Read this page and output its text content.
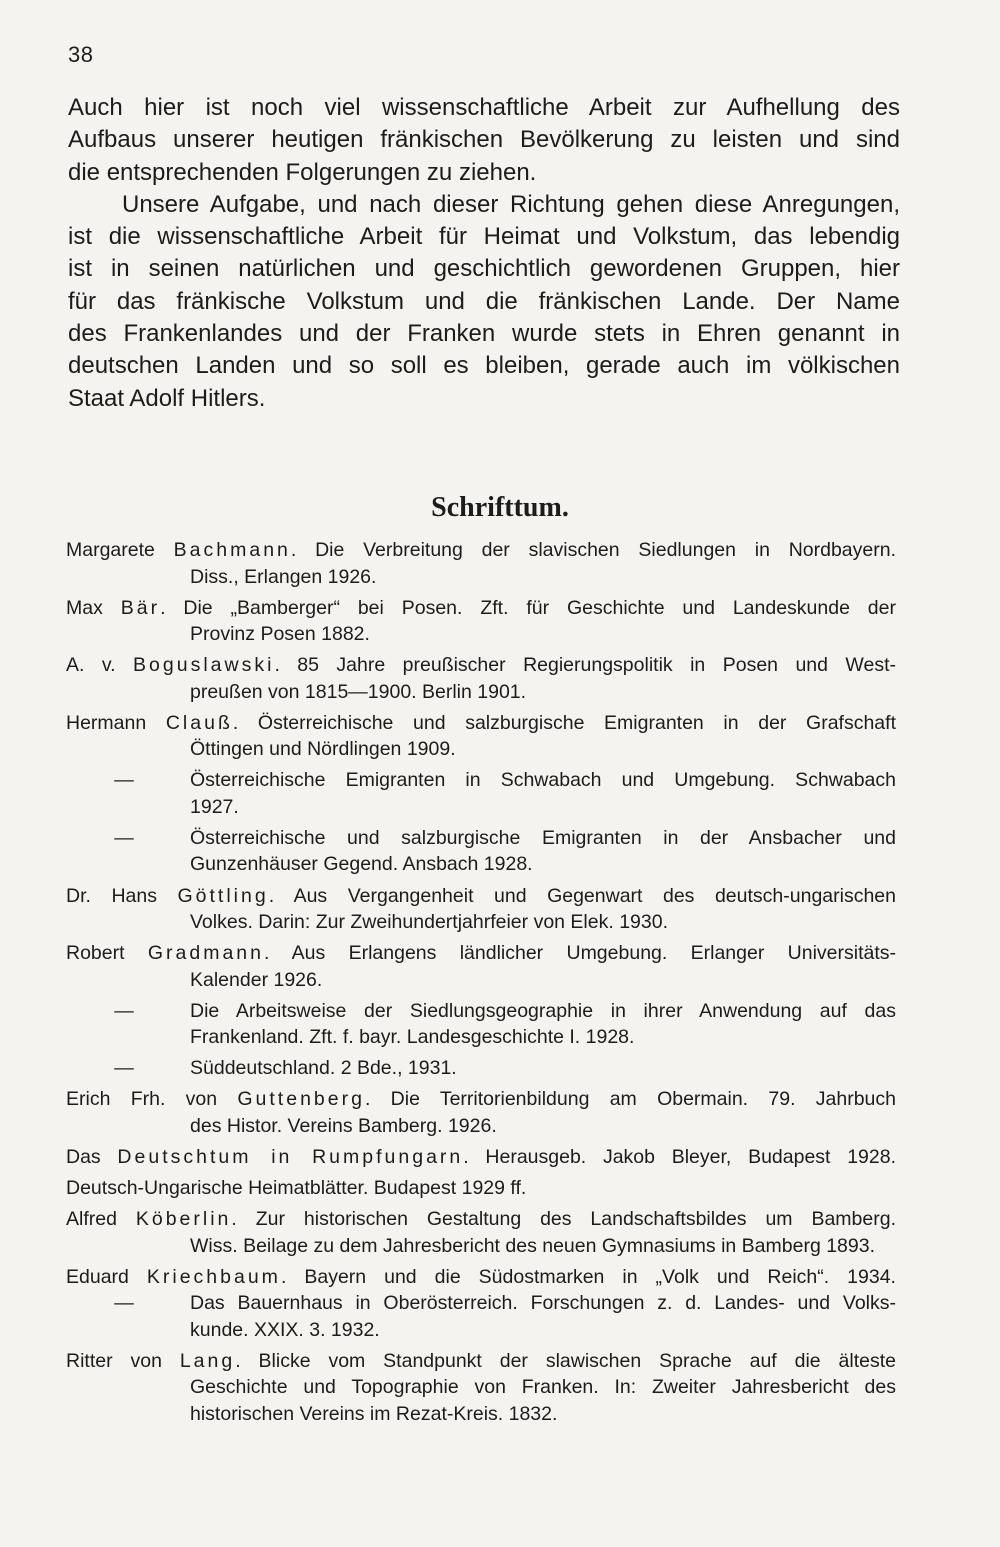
38
Auch hier ist noch viel wissenschaftliche Arbeit zur Aufhellung des
Aufbaus unserer heutigen fränkischen Bevölkerung zu leisten und sind
die entsprechenden Folgerungen zu ziehen.
Unsere Aufgabe, und nach dieser Richtung gehen diese Anregungen,
ist die wissenschaftliche Arbeit für Heimat und Volkstum, das lebendig
ist in seinen natürlichen und geschichtlich gewordenen Gruppen, hier
für das fränkische Volkstum und die fränkischen Lande. Der Name
des Frankenlandes und der Franken wurde stets in Ehren genannt in
deutschen Landen und so soll es bleiben, gerade auch im völkischen
Staat Adolf Hitlers.
Schrifttum.
Margarete Bachmann. Die Verbreitung der slavischen Siedlungen in Nordbayern.
Diss., Erlangen 1926.
Max Bär. Die „Bamberger“ bei Posen. Zft. für Geschichte und Landeskunde der
Provinz Posen 1882.
A. v. Boguslawski. 85 Jahre preußischer Regierungspolitik in Posen und West-
preußen von 1815—1900. Berlin 1901.
Hermann Clauß. Österreichische und salzburgische Emigranten in der Grafschaft
Öttingen und Nördlingen 1909.
—	Österreichische Emigranten in Schwabach und Umgebung. Schwabach
1927.
—	Österreichische und salzburgische Emigranten in der Ansbacher und
Gunzenhäuser Gegend. Ansbach 1928.
Dr. Hans Göttling. Aus Vergangenheit und Gegenwart des deutsch-ungarischen
Volkes. Darin: Zur Zweihundertjahrfeier von Elek. 1930.
Robert Gradmann. Aus Erlangens ländlicher Umgebung. Erlanger Universitäts-
Kalender 1926.
—	Die Arbeitsweise der Siedlungsgeographie in ihrer Anwendung auf das
Frankenland. Zft. f. bayr. Landesgeschichte I. 1928.
—	Süddeutschland. 2 Bde., 1931.
Erich Frh. von Guttenberg. Die Territorienbildung am Obermain. 79. Jahrbuch
des Histor. Vereins Bamberg. 1926.
Das Deutschtum in Rumpfungarn. Herausgeb. Jakob Bleyer, Budapest 1928.
Deutsch-Ungarische Heimatblätter. Budapest 1929 ff.
Alfred Köberlin. Zur historischen Gestaltung des Landschaftsbildes um Bamberg.
Wiss. Beilage zu dem Jahresbericht des neuen Gymnasiums in Bamberg 1893.
Eduard Kriechbaum. Bayern und die Südostmarken in „Volk und Reich“. 1934.
—	Das Bauernhaus in Oberösterreich. Forschungen z. d. Landes- und Volks-
kunde. XXIX. 3. 1932.
Ritter von Lang. Blicke vom Standpunkt der slawischen Sprache auf die älteste
Geschichte und Topographie von Franken. In: Zweiter Jahresbericht des
historischen Vereins im Rezat-Kreis. 1832.
